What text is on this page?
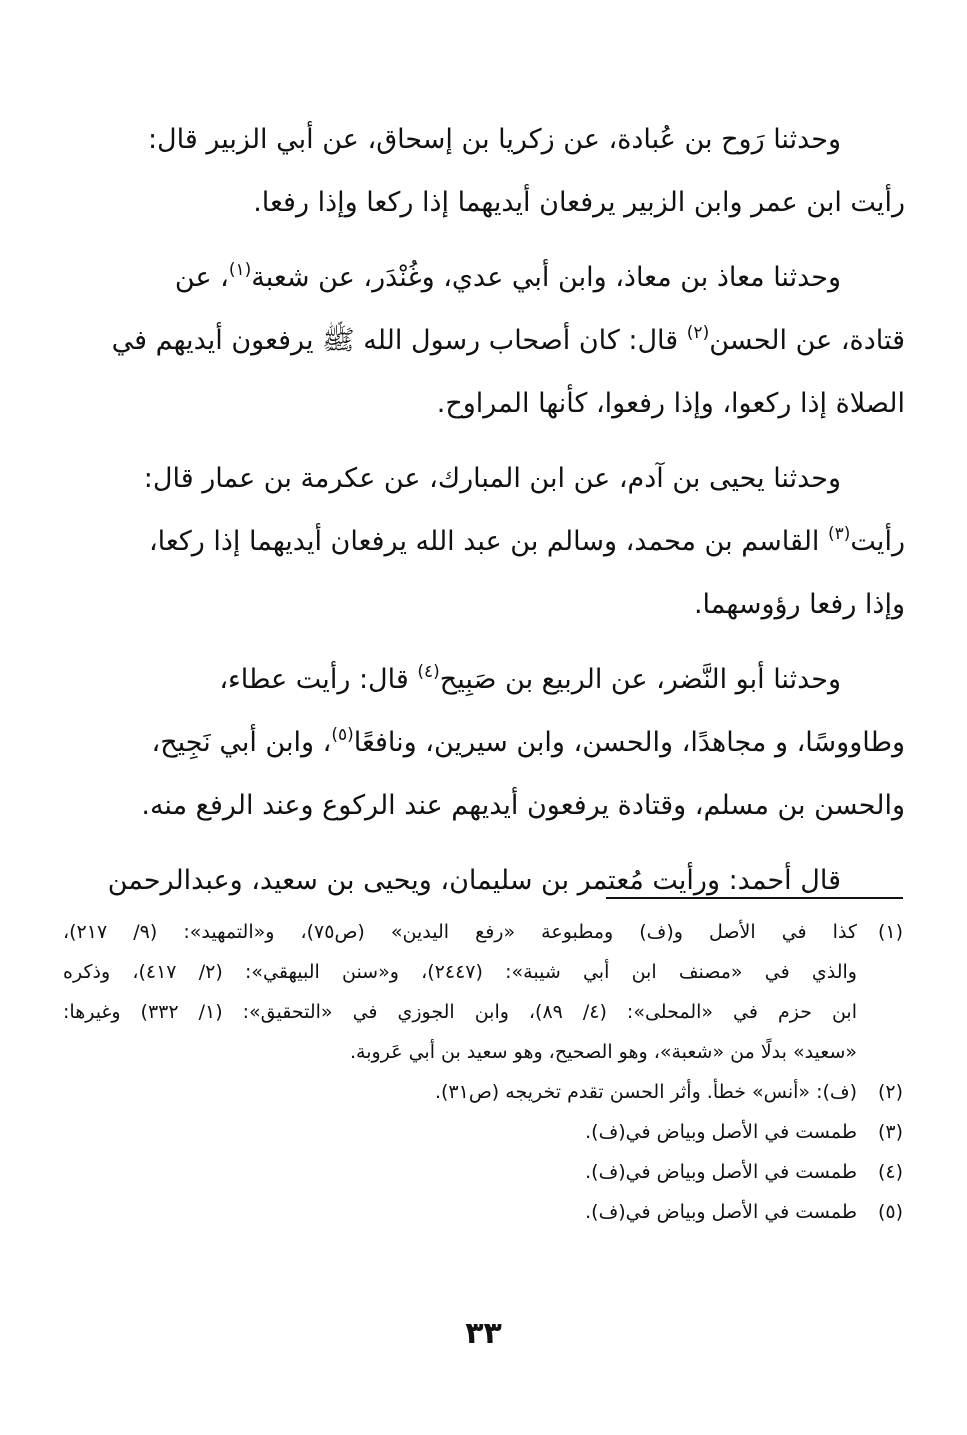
وحدثنا رَوح بن عُبادة، عن زكريا بن إسحاق، عن أبي الزبير قال:
رأيت ابن عمر وابن الزبير يرفعان أيديهما إذا ركعا وإذا رفعا.

وحدثنا معاذ بن معاذ، وابن أبي عدي، وغُنْدَر، عن شعبة$^{(١)}$، عن
قتادة، عن الحسن$^{(٢)}$ قال: كان أصحاب رسول الله ﷺ يرفعون أيديهم في
الصلاة إذا ركعوا، وإذا رفعوا، كأنها المراوح.

وحدثنا يحيى بن آدم، عن ابن المبارك، عن عكرمة بن عمار قال:
رأيت$^{(٣)}$ القاسم بن محمد، وسالم بن عبد الله يرفعان أيديهما إذا ركعا،
وإذا رفعا رؤوسهما.

وحدثنا أبو النَّضر، عن الربيع بن صَبِيح$^{(٤)}$ قال: رأيت عطاء،
وطاووسًا، و مجاهدًا، والحسن، وابن سيرين، ونافعًا$^{(٥)}$، وابن أبي نَجِيح،
والحسن بن مسلم، وقتادة يرفعون أيديهم عند الركوع وعند الرفع منه.

قال أحمد: ورأيت مُعتمر بن سليمان، ويحيى بن سعيد، وعبدالرحمن

(١)
كذا في الأصل و(ف) ومطبوعة «رفع اليدين» (ص٧٥)، و«التمهيد»: (٩/ ٢١٧)،
والذي في «مصنف ابن أبي شيبة»: (٢٤٤٧)، و«سنن البيهقي»: (٢/ ٤١٧)، وذكره
ابن حزم في «المحلى»: (٤/ ٨٩)، وابن الجوزي في «التحقيق»: (١/ ٣٣٢) وغيرها:
«سعيد» بدلًا من «شعبة»، وهو الصحيح، وهو سعيد بن أبي عَروبة.
(٢)
(ف): «أنس» خطأ. وأثر الحسن تقدم تخريجه (ص٣١).
(٣)
طمست في الأصل وبياض في(ف).
(٤)
طمست في الأصل وبياض في(ف).
(٥)
طمست في الأصل وبياض في(ف).
٣٣
